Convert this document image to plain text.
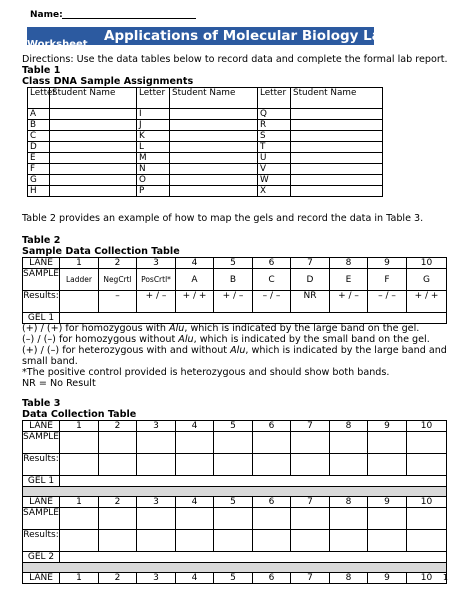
Name:
Worksheet
Applications of Molecular Biology Lab
Directions: Use the data tables below to record data and complete the formal lab report.
Table 1
Class DNA Sample Assignments
Letter	Student Name	Letter	Student Name	Letter	Student Name
A		I		Q	
B		J		R	
C		K		S	
D		L		T	
E		M		U	
F		N		V	
G		O		W	
H		P		X	
Table 2 provides an example of how to map the gels and record the data in Table 3.
Table 2
Sample Data Collection Table
LANE	1	2	3	4	5	6	7	8	9	10
SAMPLE	Ladder	NegCrtl	PosCrtl*	A	B	C	D	E	F	G
Results:		–	+ / –	+ / +	+ / –	– / –	NR	+ / –	– / –	+ / +
GEL 1										
(+) / (+) for homozygous with Alu, which is indicated by the large band on the gel.
(–) / (–) for homozygous without Alu, which is indicated by the small band on the gel.
(+) / (–) for heterozygous with and without Alu, which is indicated by the large band and
small band.
*The positive control provided is heterozygous and should show both bands.
NR = No Result
Table 3
Data Collection Table
LANE	1	2	3	4	5	6	7	8	9	10
SAMPLE										
Results:										
GEL 1										

LANE	1	2	3	4	5	6	7	8	9	10
SAMPLE										
Results:										
GEL 2										

LANE	1	2	3	4	5	6	7	8	9	10 1
